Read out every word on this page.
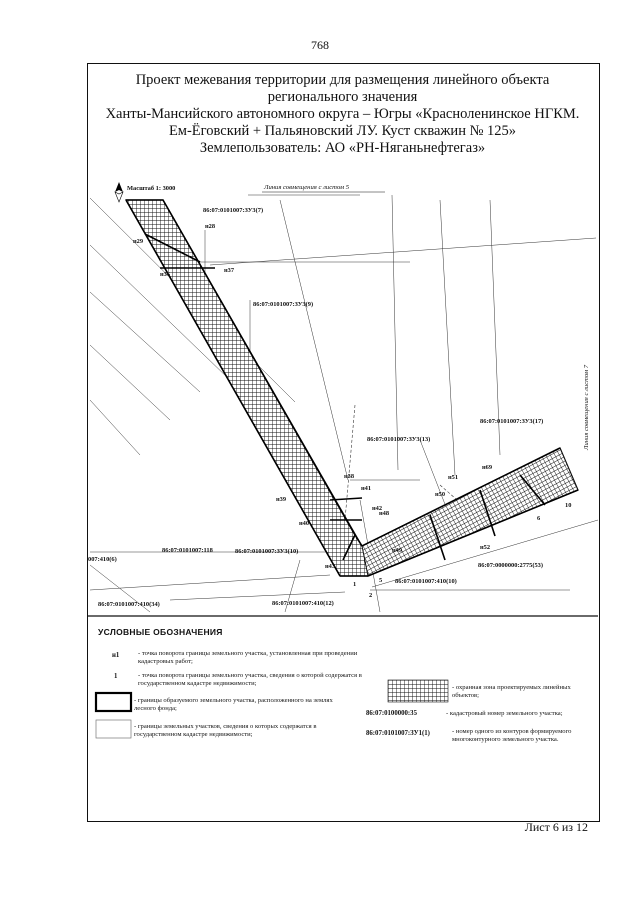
768
Проект межевания территории для размещения линейного объекта
регионального значения
Ханты-Мансийского автономного округа – Югры «Красноленинское НГКМ.
Ем-Ёговский + Пальяновский ЛУ. Куст скважин № 125»
Землепользователь: АО «РН-Няганьнефтегаз»
Масштаб 1: 3000	Линия совмещения с листом 5
Линия совмещения с листом 7
н28
н29
н36
н37
н38
н39
н40
н41
н42
н43
н48
н49
н50
н51
н52
н69
1
2
5
6
10
86:07:0101007:ЗУ3(7)
86:07:0101007:ЗУ3(9)
86:07:0101007:ЗУ3(10)
86:07:0101007:ЗУ3(13)
86:07:0101007:ЗУ3(17)
86:07:0101007:118
007:410(6)
86:07:0101007:410(34)	86:07:0101007:410(12)
86:07:0101007:410(10)
86:07:0000000:2775(53)
УСЛОВНЫЕ ОБОЗНАЧЕНИЯ
н1	- точка поворота границы земельного участка, установленная при проведении кадастровых работ;
1	- точка поворота границы земельного участка, сведения о которой содержатся в государственном кадастре недвижимости;
- границы образуемого земельного участка, расположенного на землях лесного фонда;
- границы земельных участков, сведения о которых содержатся в государственном кадастре недвижимости;
- охранная зона проектируемых линейных объектов;
86:07:0100000:35	- кадастровый номер земельного участка;
86:07:0101007:ЗУ1(1)	- номер одного из контуров формируемого многоконтурного земельного участка.
Лист 6 из 12
